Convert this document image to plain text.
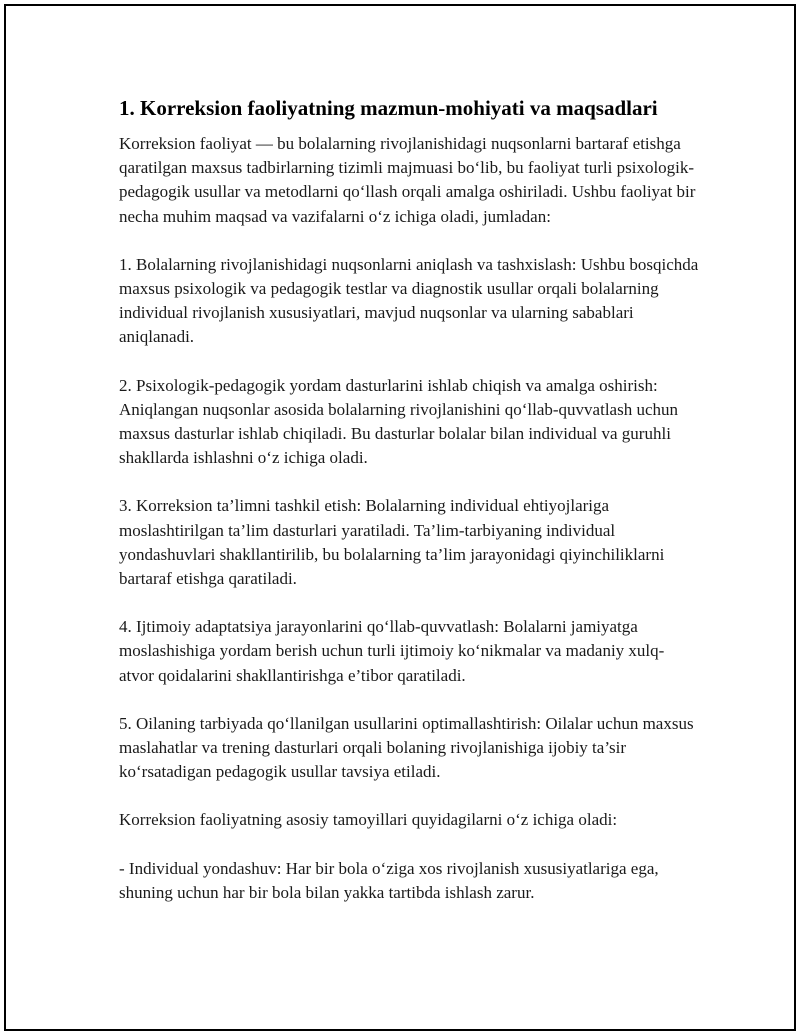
1. Korreksion faoliyatning mazmun-mohiyati va maqsadlari

Korreksion faoliyat — bu bolalarning rivojlanishidagi nuqsonlarni bartaraf etishga qaratilgan maxsus tadbirlarning tizimli majmuasi boʻlib, bu faoliyat turli psixologik-pedagogik usullar va metodlarni qoʻllash orqali amalga oshiriladi. Ushbu faoliyat bir necha muhim maqsad va vazifalarni oʻz ichiga oladi, jumladan:

1. Bolalarning rivojlanishidagi nuqsonlarni aniqlash va tashxislash: Ushbu bosqichda maxsus psixologik va pedagogik testlar va diagnostik usullar orqali bolalarning individual rivojlanish xususiyatlari, mavjud nuqsonlar va ularning sabablari aniqlanadi.

2. Psixologik-pedagogik yordam dasturlarini ishlab chiqish va amalga oshirish: Aniqlangan nuqsonlar asosida bolalarning rivojlanishini qoʻllab-quvvatlash uchun maxsus dasturlar ishlab chiqiladi. Bu dasturlar bolalar bilan individual va guruhli shakllarda ishlashni oʻz ichiga oladi.

3. Korreksion ta’limni tashkil etish: Bolalarning individual ehtiyojlariga moslashtirilgan ta’lim dasturlari yaratiladi. Ta’lim-tarbiyaning individual yondashuvlari shakllantirilib, bu bolalarning ta’lim jarayonidagi qiyinchiliklarni bartaraf etishga qaratiladi.

4. Ijtimoiy adaptatsiya jarayonlarini qoʻllab-quvvatlash: Bolalarni jamiyatga moslashishiga yordam berish uchun turli ijtimoiy koʻnikmalar va madaniy xulq-atvor qoidalarini shakllantirishga e’tibor qaratiladi.

5. Oilaning tarbiyada qoʻllanilgan usullarini optimallashtirish: Oilalar uchun maxsus maslahatlar va trening dasturlari orqali bolaning rivojlanishiga ijobiy ta’sir koʻrsatadigan pedagogik usullar tavsiya etiladi.

Korreksion faoliyatning asosiy tamoyillari quyidagilarni oʻz ichiga oladi:

- Individual yondashuv: Har bir bola oʻziga xos rivojlanish xususiyatlariga ega, shuning uchun har bir bola bilan yakka tartibda ishlash zarur.
